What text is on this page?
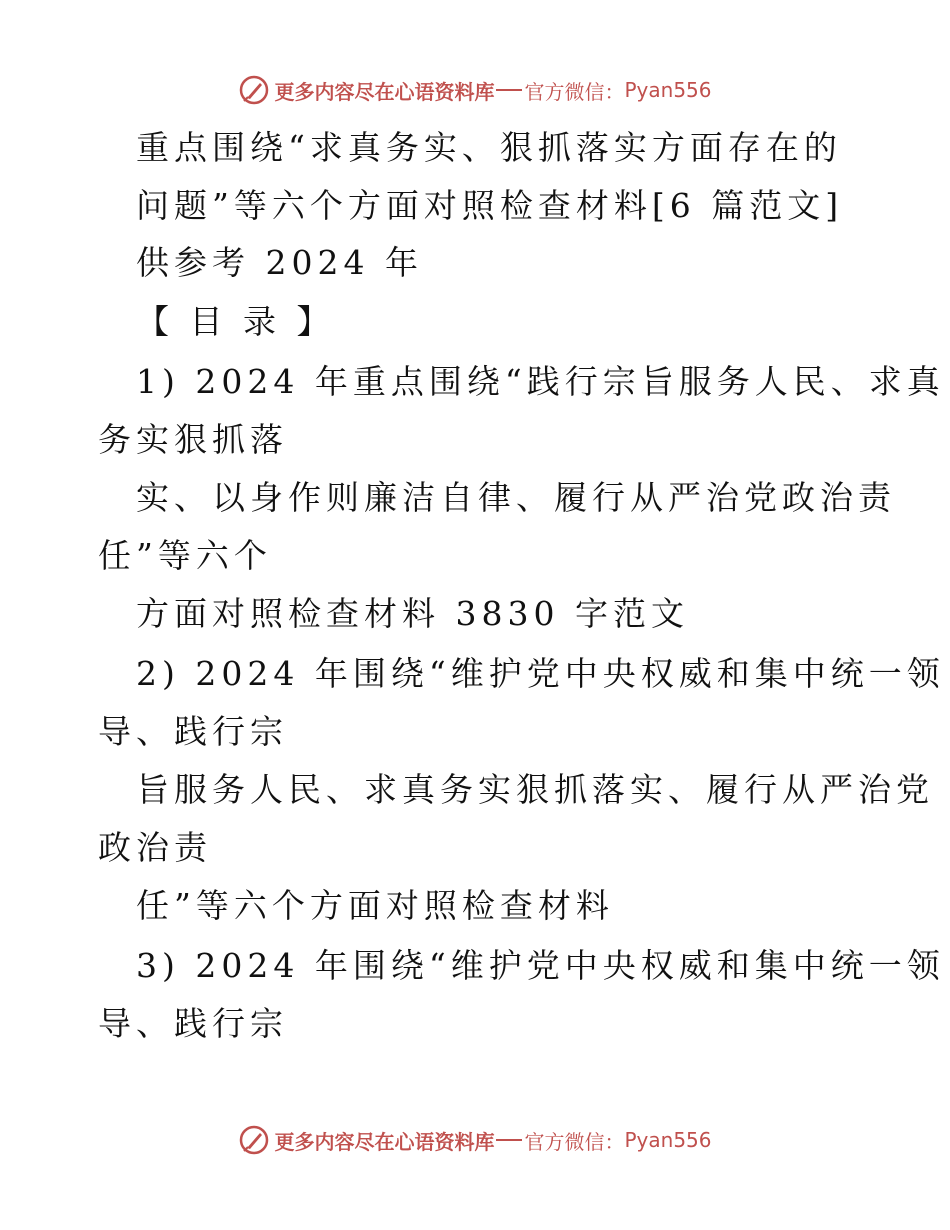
更多内容尽在心语资料库 官方微信： Pyan556
重点围绕“求真务实、狠抓落实方面存在的
问题”等六个方面对照检查材料[6 篇范文]
供参考 2024 年
【 目 录 】
1) 2024 年重点围绕“践行宗旨服务人民、求真
务实狠抓落
实、以身作则廉洁自律、履行从严治党政治责
任”等六个
方面对照检查材料 3830 字范文
2) 2024 年围绕“维护党中央权威和集中统一领
导、践行宗
旨服务人民、求真务实狠抓落实、履行从严治党
政治责
任”等六个方面对照检查材料
3) 2024 年围绕“维护党中央权威和集中统一领
导、践行宗
更多内容尽在心语资料库 官方微信： Pyan556
